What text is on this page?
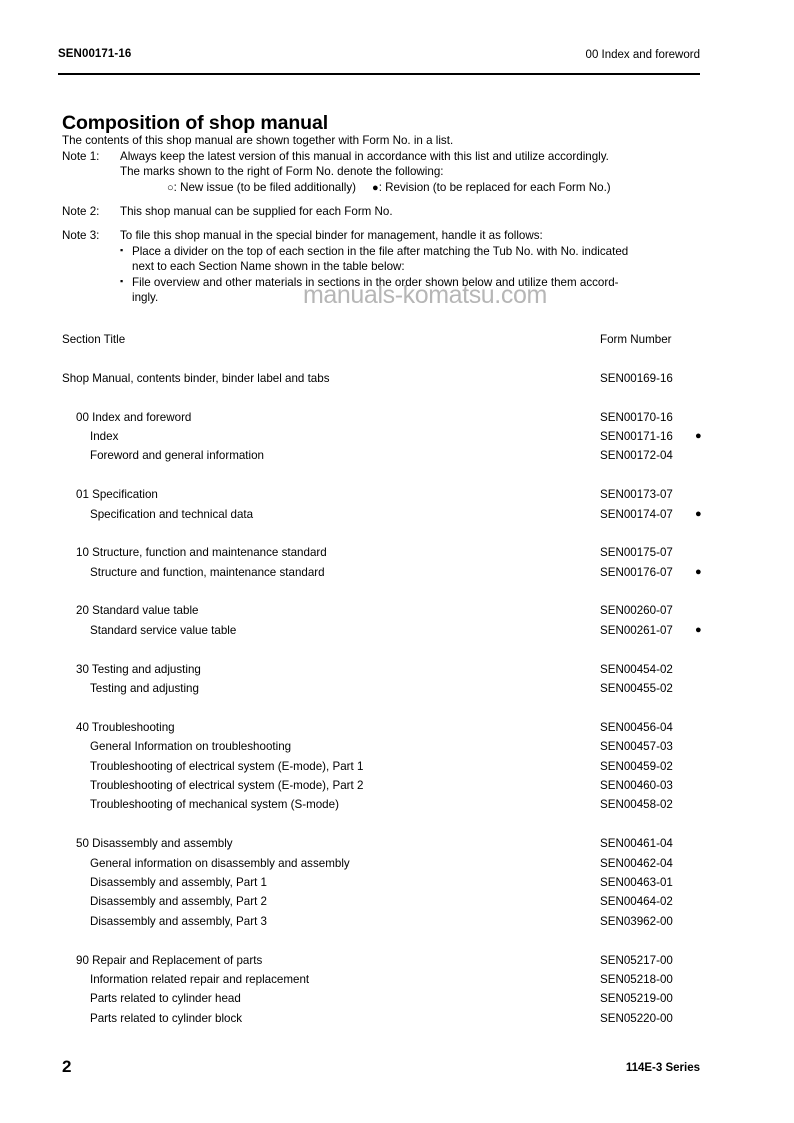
SEN00171-16	00 Index and foreword
Composition of shop manual
The contents of this shop manual are shown together with Form No. in a list.
Note 1: Always keep the latest version of this manual in accordance with this list and utilize accordingly.
The marks shown to the right of Form No. denote the following:
○: New issue (to be filed additionally) ●: Revision (to be replaced for each Form No.)
Note 2: This shop manual can be supplied for each Form No.
Note 3: To file this shop manual in the special binder for management, handle it as follows:
▪ Place a divider on the top of each section in the file after matching the Tub No. with No. indicated
next to each Section Name shown in the table below:
▪ File overview and other materials in sections in the order shown below and utilize them accord-
ingly.	manuals-komatsu.com
Section Title	Form Number
Shop Manual, contents binder, binder label and tabs	SEN00169-16
00 Index and foreword	SEN00170-16
Index	SEN00171-16 ●
Foreword and general information	SEN00172-04
01 Specification	SEN00173-07
Specification and technical data	SEN00174-07 ●
10 Structure, function and maintenance standard	SEN00175-07
Structure and function, maintenance standard	SEN00176-07 ●
20 Standard value table	SEN00260-07
Standard service value table	SEN00261-07 ●
30 Testing and adjusting	SEN00454-02
Testing and adjusting	SEN00455-02
40 Troubleshooting	SEN00456-04
General Information on troubleshooting	SEN00457-03
Troubleshooting of electrical system (E-mode), Part 1	SEN00459-02
Troubleshooting of electrical system (E-mode), Part 2	SEN00460-03
Troubleshooting of mechanical system (S-mode)	SEN00458-02
50 Disassembly and assembly	SEN00461-04
General information on disassembly and assembly	SEN00462-04
Disassembly and assembly, Part 1	SEN00463-01
Disassembly and assembly, Part 2	SEN00464-02
Disassembly and assembly, Part 3	SEN03962-00
90 Repair and Replacement of parts	SEN05217-00
Information related repair and replacement	SEN05218-00
Parts related to cylinder head	SEN05219-00
Parts related to cylinder block	SEN05220-00
2	114E-3 Series
